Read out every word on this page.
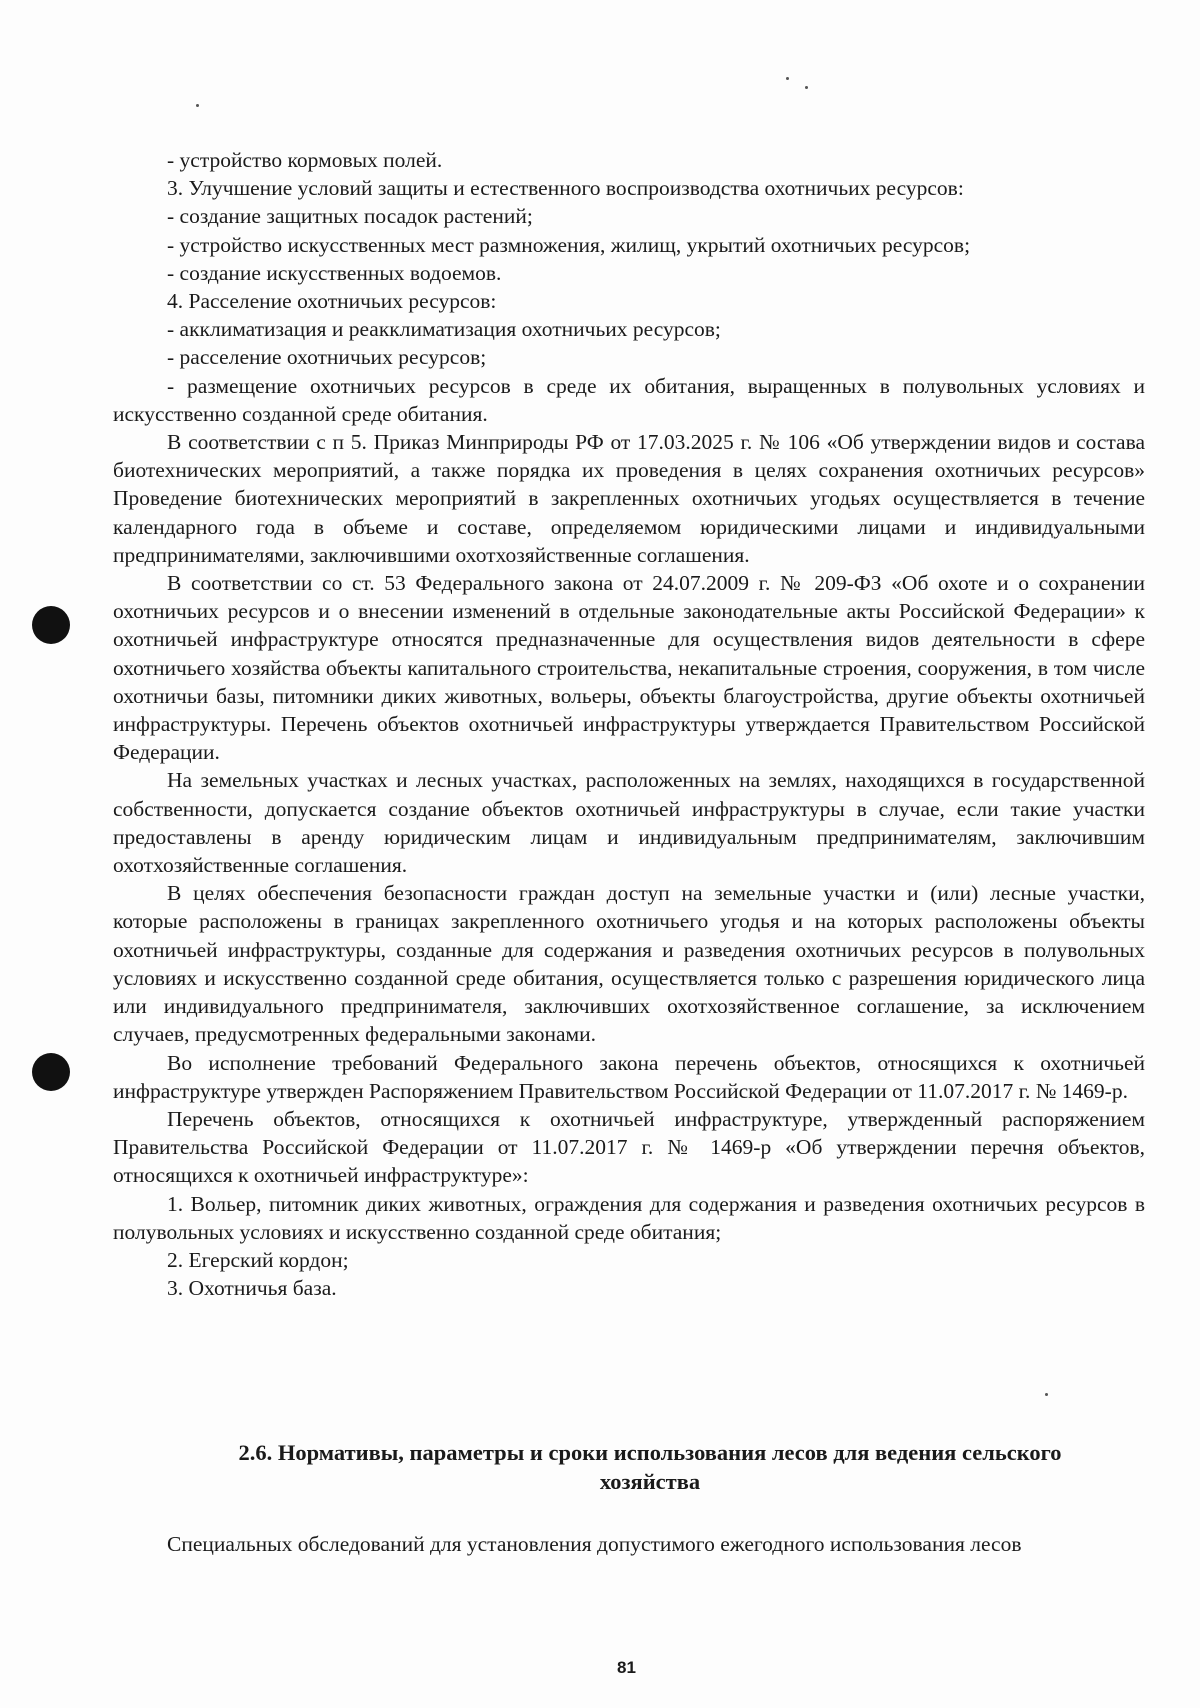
- устройство кормовых полей.

3. Улучшение условий защиты и естественного воспроизводства охотничьих ресурсов:

- создание защитных посадок растений;

- устройство искусственных мест размножения, жилищ, укрытий охотничьих ресурсов;

- создание искусственных водоемов.

4. Расселение охотничьих ресурсов:

- акклиматизация и реакклиматизация охотничьих ресурсов;

- расселение охотничьих ресурсов;

- размещение охотничьих ресурсов в среде их обитания, выращенных в полувольных условиях и искусственно созданной среде обитания.

В соответствии с п 5. Приказ Минприроды РФ от 17.03.2025 г. № 106 «Об утверждении видов и состава биотехнических мероприятий, а также порядка их проведения в целях сохранения охотничьих ресурсов» Проведение биотехнических мероприятий в закрепленных охотничьих угодьях осуществляется в течение календарного года в объеме и составе, определяемом юридическими лицами и индивидуальными предпринимателями, заключившими охотхозяйственные соглашения.

В соответствии со ст. 53 Федерального закона от 24.07.2009 г. № 209-ФЗ «Об охоте и о сохранении охотничьих ресурсов и о внесении изменений в отдельные законодательные акты Российской Федерации» к охотничьей инфраструктуре относятся предназначенные для осуществления видов деятельности в сфере охотничьего хозяйства объекты капитального строительства, некапитальные строения, сооружения, в том числе охотничьи базы, питомники диких животных, вольеры, объекты благоустройства, другие объекты охотничьей инфраструктуры. Перечень объектов охотничьей инфраструктуры утверждается Правительством Российской Федерации.

На земельных участках и лесных участках, расположенных на землях, находящихся в государственной собственности, допускается создание объектов охотничьей инфраструктуры в случае, если такие участки предоставлены в аренду юридическим лицам и индивидуальным предпринимателям, заключившим охотхозяйственные соглашения.

В целях обеспечения безопасности граждан доступ на земельные участки и (или) лесные участки, которые расположены в границах закрепленного охотничьего угодья и на которых расположены объекты охотничьей инфраструктуры, созданные для содержания и разведения охотничьих ресурсов в полувольных условиях и искусственно созданной среде обитания, осуществляется только с разрешения юридического лица или индивидуального предпринимателя, заключивших охотхозяйственное соглашение, за исключением случаев, предусмотренных федеральными законами.

Во исполнение требований Федерального закона перечень объектов, относящихся к охотничьей инфраструктуре утвержден Распоряжением Правительством Российской Федерации от 11.07.2017 г. № 1469-р.

Перечень объектов, относящихся к охотничьей инфраструктуре, утвержденный распоряжением Правительства Российской Федерации от 11.07.2017 г. № 1469-р «Об утверждении перечня объектов, относящихся к охотничьей инфраструктуре»:

1. Вольер, питомник диких животных, ограждения для содержания и разведения охотничьих ресурсов в полувольных условиях и искусственно созданной среде обитания;

2. Егерский кордон;

3. Охотничья база.

2.6. Нормативы, параметры и сроки использования лесов для ведения сельского хозяйства
Специальных обследований для установления допустимого ежегодного использования лесов
81
